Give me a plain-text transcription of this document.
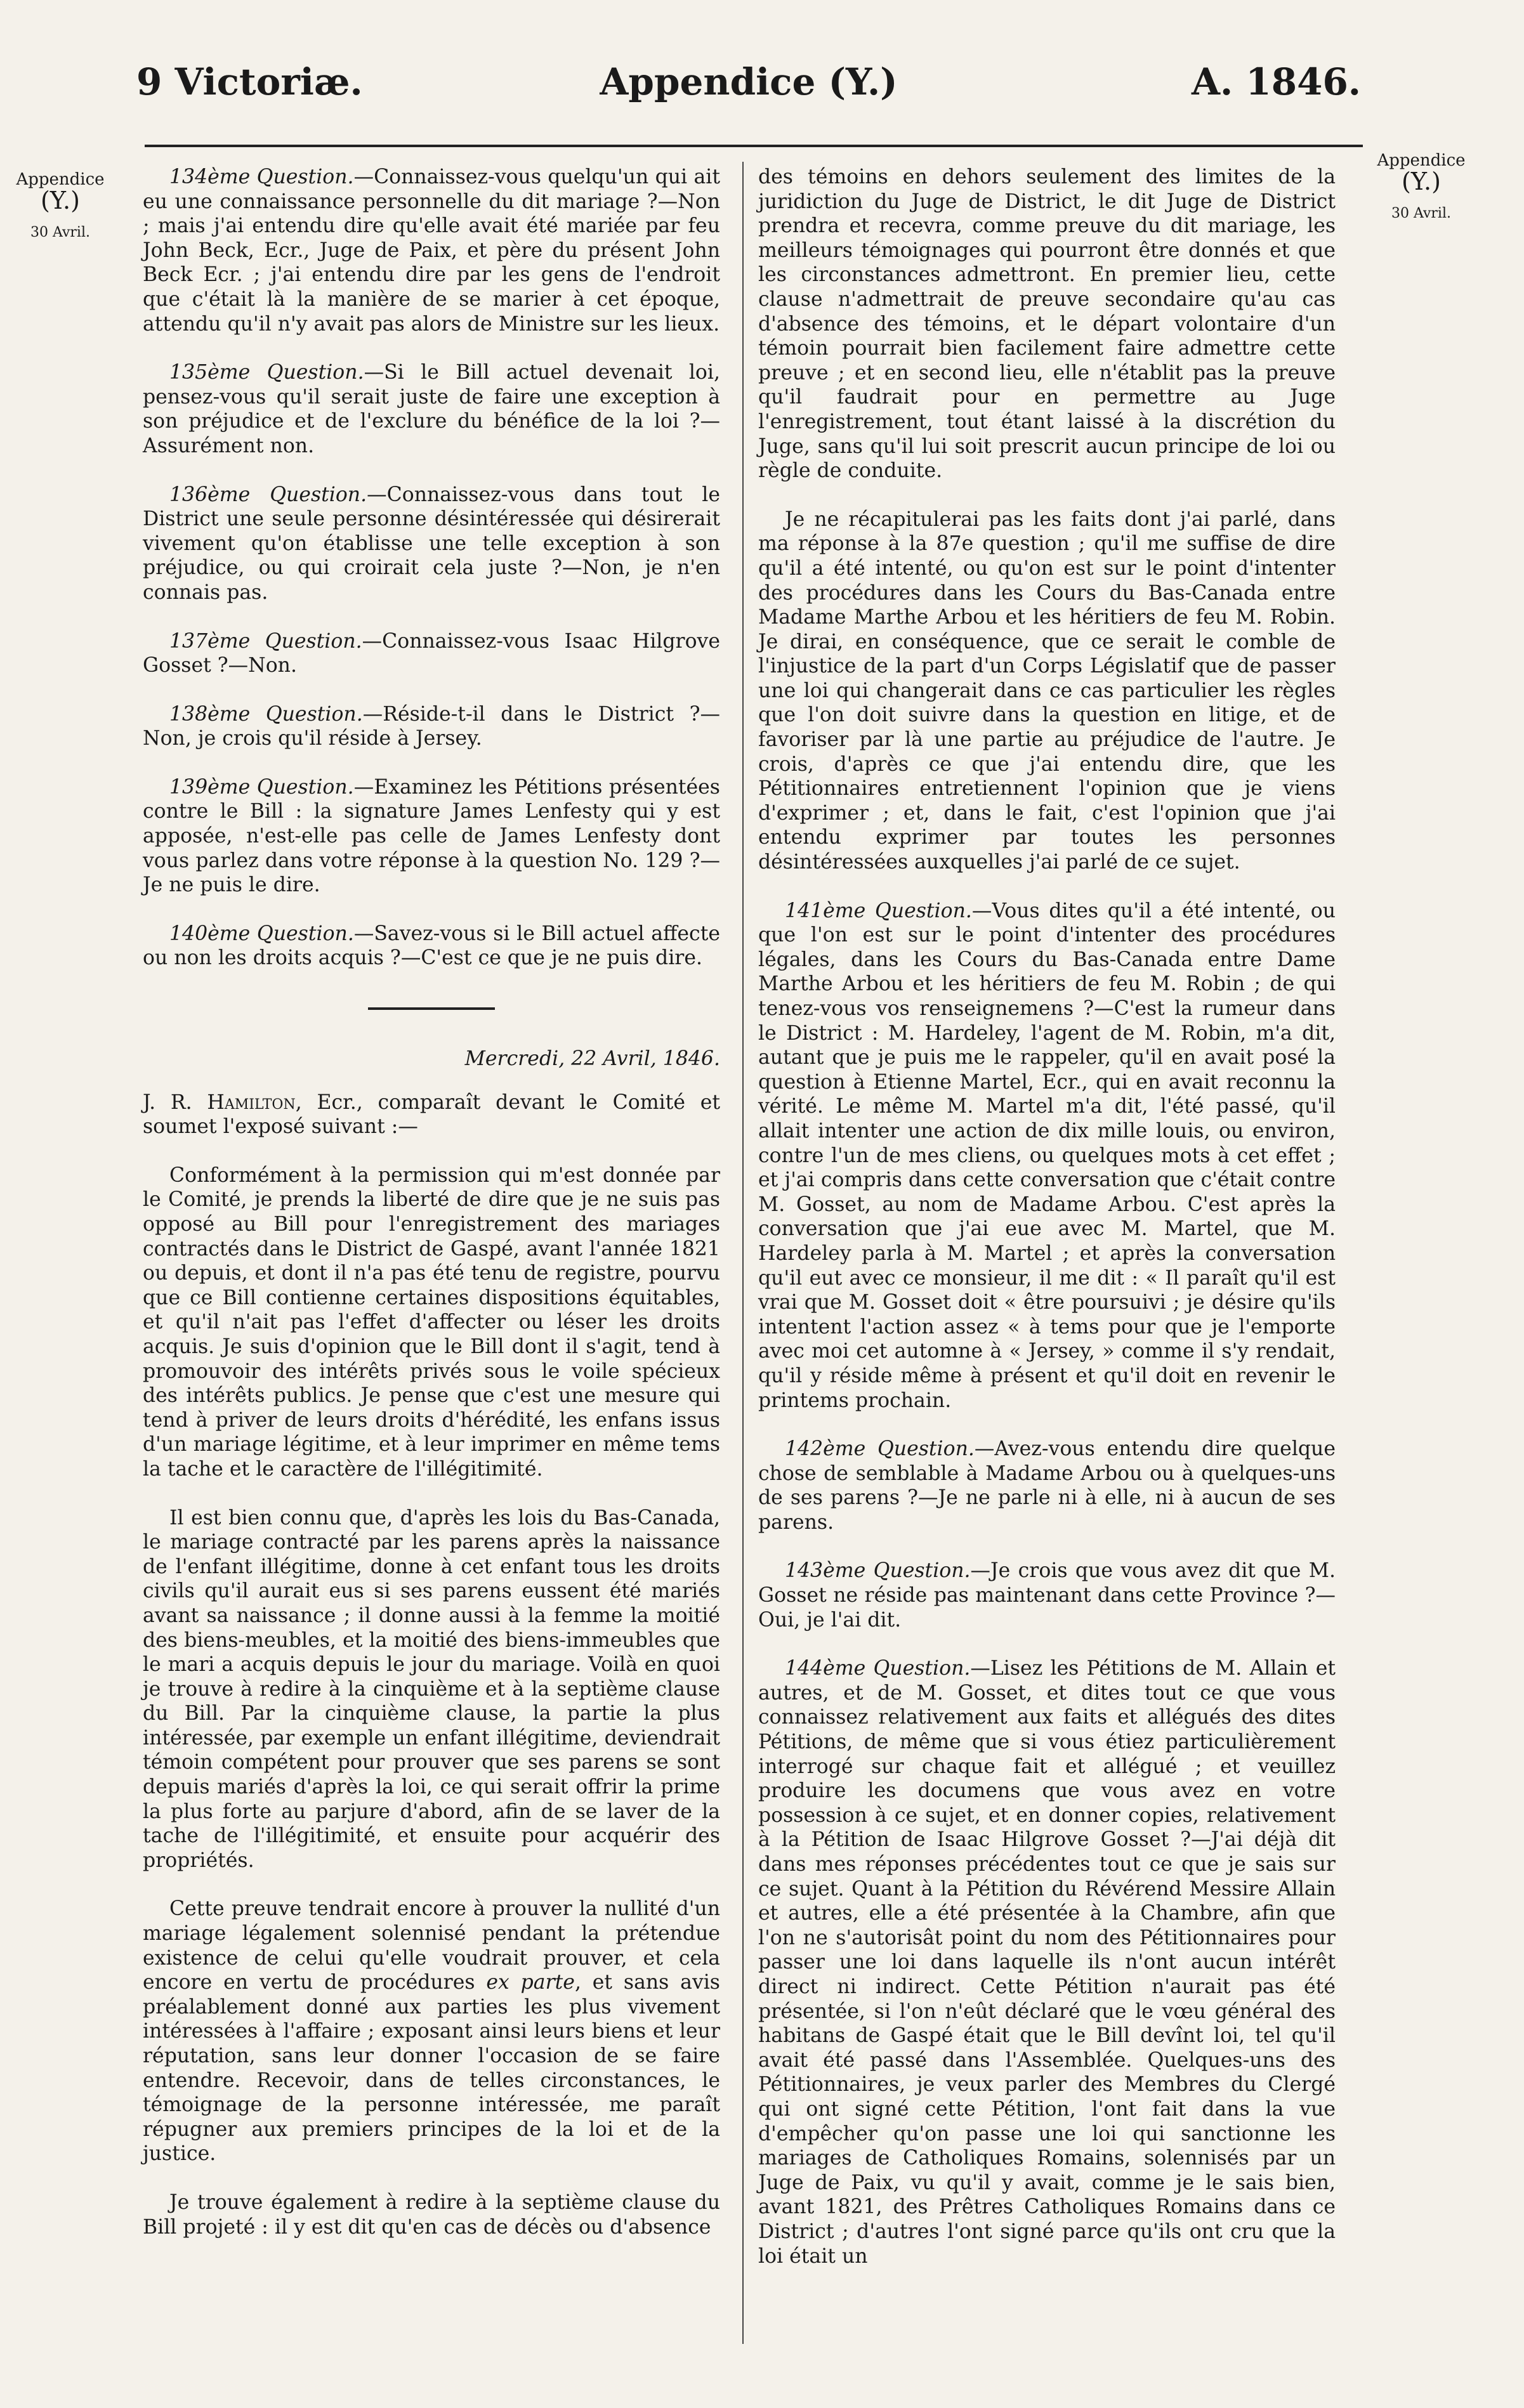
9 Victoriæ.	Appendice (Y.)	A. 1846.
Appendice
(Y.)
30 Avril.
Appendice
(Y.)
30 Avril.

134ème Question.—Connaissez-vous quelqu'un qui ait eu une connaissance personnelle du dit mariage ?—Non ; mais j'ai entendu dire qu'elle avait été mariée par feu John Beck, Ecr., Juge de Paix, et père du présent John Beck Ecr. ; j'ai entendu dire par les gens de l'endroit que c'était là la manière de se marier à cet époque, attendu qu'il n'y avait pas alors de Ministre sur les lieux.

135ème Question.—Si le Bill actuel devenait loi, pensez-vous qu'il serait juste de faire une exception à son préjudice et de l'exclure du bénéfice de la loi ?—Assurément non.

136ème Question.—Connaissez-vous dans tout le District une seule personne désintéressée qui désirerait vivement qu'on établisse une telle exception à son préjudice, ou qui croirait cela juste ?—Non, je n'en connais pas.

137ème Question.—Connaissez-vous Isaac Hilgrove Gosset ?—Non.

138ème Question.—Réside-t-il dans le District ?—Non, je crois qu'il réside à Jersey.

139ème Question.—Examinez les Pétitions présentées contre le Bill : la signature James Lenfesty qui y est apposée, n'est-elle pas celle de James Lenfesty dont vous parlez dans votre réponse à la question No. 129 ?—Je ne puis le dire.

140ème Question.—Savez-vous si le Bill actuel affecte ou non les droits acquis ?—C'est ce que je ne puis dire.

Mercredi, 22 Avril, 1846.

J. R. Hamilton, Ecr., comparaît devant le Comité et soumet l'exposé suivant :—

Conformément à la permission qui m'est donnée par le Comité, je prends la liberté de dire que je ne suis pas opposé au Bill pour l'enregistrement des mariages contractés dans le District de Gaspé, avant l'année 1821 ou depuis, et dont il n'a pas été tenu de registre, pourvu que ce Bill contienne certaines dispositions équitables, et qu'il n'ait pas l'effet d'affecter ou léser les droits acquis. Je suis d'opinion que le Bill dont il s'agit, tend à promouvoir des intérêts privés sous le voile spécieux des intérêts publics. Je pense que c'est une mesure qui tend à priver de leurs droits d'hérédité, les enfans issus d'un mariage légitime, et à leur imprimer en même tems la tache et le caractère de l'illégitimité.

Il est bien connu que, d'après les lois du Bas-Canada, le mariage contracté par les parens après la naissance de l'enfant illégitime, donne à cet enfant tous les droits civils qu'il aurait eus si ses parens eussent été mariés avant sa naissance ; il donne aussi à la femme la moitié des biens-meubles, et la moitié des biens-immeubles que le mari a acquis depuis le jour du mariage. Voilà en quoi je trouve à redire à la cinquième et à la septième clause du Bill. Par la cinquième clause, la partie la plus intéressée, par exemple un enfant illégitime, deviendrait témoin compétent pour prouver que ses parens se sont depuis mariés d'après la loi, ce qui serait offrir la prime la plus forte au parjure d'abord, afin de se laver de la tache de l'illégitimité, et ensuite pour acquérir des propriétés.

Cette preuve tendrait encore à prouver la nullité d'un mariage légalement solennisé pendant la prétendue existence de celui qu'elle voudrait prouver, et cela encore en vertu de procédures ex parte, et sans avis préalablement donné aux parties les plus vivement intéressées à l'affaire ; exposant ainsi leurs biens et leur réputation, sans leur donner l'occasion de se faire entendre. Recevoir, dans de telles circonstances, le témoignage de la personne intéressée, me paraît répugner aux premiers principes de la loi et de la justice.

Je trouve également à redire à la septième clause du Bill projeté : il y est dit qu'en cas de décès ou d'absence

des témoins en dehors seulement des limites de la juridiction du Juge de District, le dit Juge de District prendra et recevra, comme preuve du dit mariage, les meilleurs témoignages qui pourront être donnés et que les circonstances admettront. En premier lieu, cette clause n'admettrait de preuve secondaire qu'au cas d'absence des témoins, et le départ volontaire d'un témoin pourrait bien facilement faire admettre cette preuve ; et en second lieu, elle n'établit pas la preuve qu'il faudrait pour en permettre au Juge l'enregistrement, tout étant laissé à la discrétion du Juge, sans qu'il lui soit prescrit aucun principe de loi ou règle de conduite.

Je ne récapitulerai pas les faits dont j'ai parlé, dans ma réponse à la 87e question ; qu'il me suffise de dire qu'il a été intenté, ou qu'on est sur le point d'intenter des procédures dans les Cours du Bas-Canada entre Madame Marthe Arbou et les héritiers de feu M. Robin. Je dirai, en conséquence, que ce serait le comble de l'injustice de la part d'un Corps Législatif que de passer une loi qui changerait dans ce cas particulier les règles que l'on doit suivre dans la question en litige, et de favoriser par là une partie au préjudice de l'autre. Je crois, d'après ce que j'ai entendu dire, que les Pétitionnaires entretiennent l'opinion que je viens d'exprimer ; et, dans le fait, c'est l'opinion que j'ai entendu exprimer par toutes les personnes désintéressées auxquelles j'ai parlé de ce sujet.

141ème Question.—Vous dites qu'il a été intenté, ou que l'on est sur le point d'intenter des procédures légales, dans les Cours du Bas-Canada entre Dame Marthe Arbou et les héritiers de feu M. Robin ; de qui tenez-vous vos renseignemens ?—C'est la rumeur dans le District : M. Hardeley, l'agent de M. Robin, m'a dit, autant que je puis me le rappeler, qu'il en avait posé la question à Etienne Martel, Ecr., qui en avait reconnu la vérité. Le même M. Martel m'a dit, l'été passé, qu'il allait intenter une action de dix mille louis, ou environ, contre l'un de mes cliens, ou quelques mots à cet effet ; et j'ai compris dans cette conversation que c'était contre M. Gosset, au nom de Madame Arbou. C'est après la conversation que j'ai eue avec M. Martel, que M. Hardeley parla à M. Martel ; et après la conversation qu'il eut avec ce monsieur, il me dit : « Il paraît qu'il est vrai que M. Gosset doit « être poursuivi ; je désire qu'ils intentent l'action assez « à tems pour que je l'emporte avec moi cet automne à « Jersey, » comme il s'y rendait, qu'il y réside même à présent et qu'il doit en revenir le printems prochain.

142ème Question.—Avez-vous entendu dire quelque chose de semblable à Madame Arbou ou à quelques-uns de ses parens ?—Je ne parle ni à elle, ni à aucun de ses parens.

143ème Question.—Je crois que vous avez dit que M. Gosset ne réside pas maintenant dans cette Province ?—Oui, je l'ai dit.

144ème Question.—Lisez les Pétitions de M. Allain et autres, et de M. Gosset, et dites tout ce que vous connaissez relativement aux faits et allégués des dites Pétitions, de même que si vous étiez particulièrement interrogé sur chaque fait et allégué ; et veuillez produire les documens que vous avez en votre possession à ce sujet, et en donner copies, relativement à la Pétition de Isaac Hilgrove Gosset ?—J'ai déjà dit dans mes réponses précédentes tout ce que je sais sur ce sujet. Quant à la Pétition du Révérend Messire Allain et autres, elle a été présentée à la Chambre, afin que l'on ne s'autorisât point du nom des Pétitionnaires pour passer une loi dans laquelle ils n'ont aucun intérêt direct ni indirect. Cette Pétition n'aurait pas été présentée, si l'on n'eût déclaré que le vœu général des habitans de Gaspé était que le Bill devînt loi, tel qu'il avait été passé dans l'Assemblée. Quelques-uns des Pétitionnaires, je veux parler des Membres du Clergé qui ont signé cette Pétition, l'ont fait dans la vue d'empêcher qu'on passe une loi qui sanctionne les mariages de Catholiques Romains, solennisés par un Juge de Paix, vu qu'il y avait, comme je le sais bien, avant 1821, des Prêtres Catholiques Romains dans ce District ; d'autres l'ont signé parce qu'ils ont cru que la loi était un
